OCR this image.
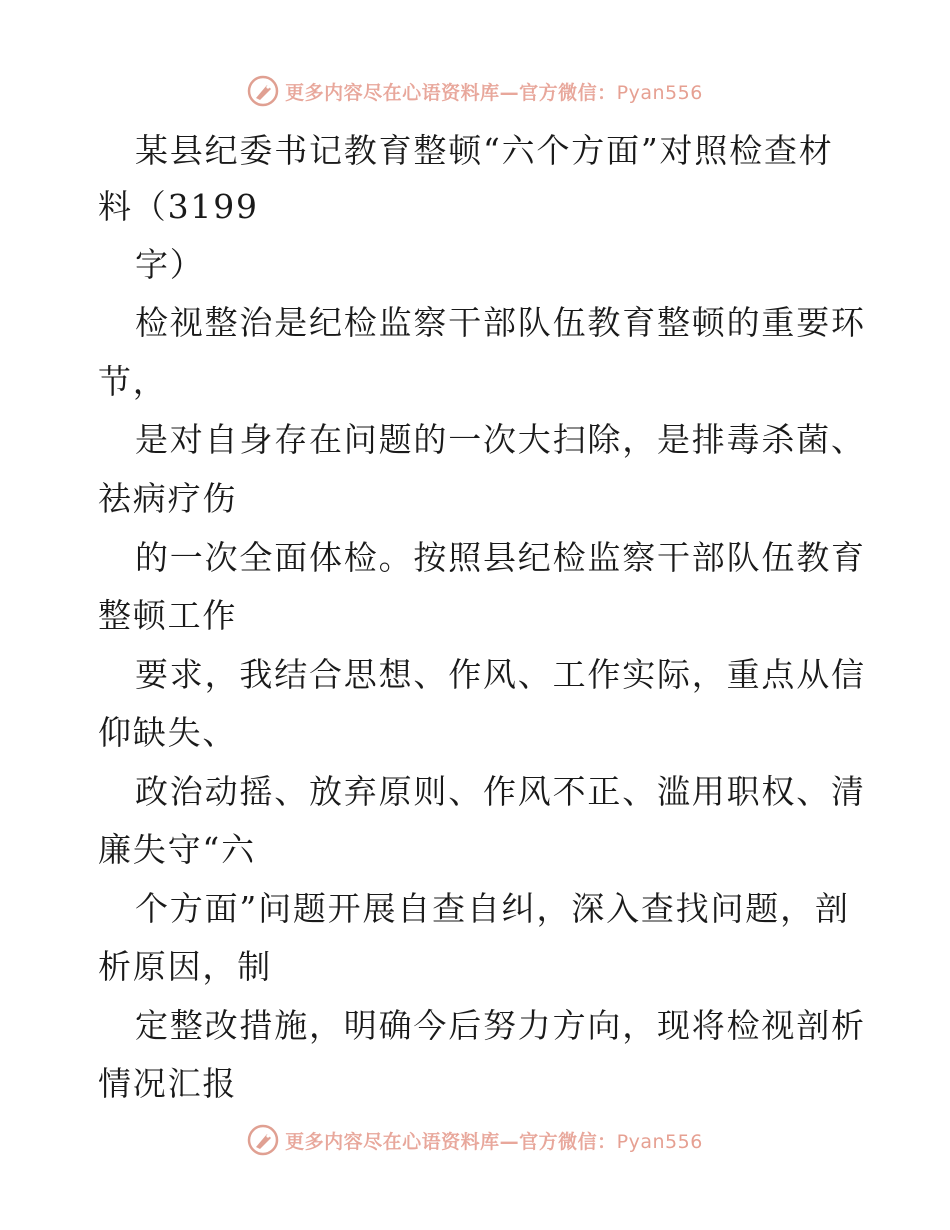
更多内容尽在心语资料库—官方微信：Pyan556
某县纪委书记教育整顿“六个方面”对照检查材
料（3199
字）
检视整治是纪检监察干部队伍教育整顿的重要环
节，
是对自身存在问题的一次大扫除，是排毒杀菌、
祛病疗伤
的一次全面体检。按照县纪检监察干部队伍教育
整顿工作
要求，我结合思想、作风、工作实际，重点从信
仰缺失、
政治动摇、放弃原则、作风不正、滥用职权、清
廉失守“六
个方面”问题开展自查自纠，深入查找问题，剖
析原因，制
定整改措施，明确今后努力方向，现将检视剖析
情况汇报
更多内容尽在心语资料库—官方微信：Pyan556
